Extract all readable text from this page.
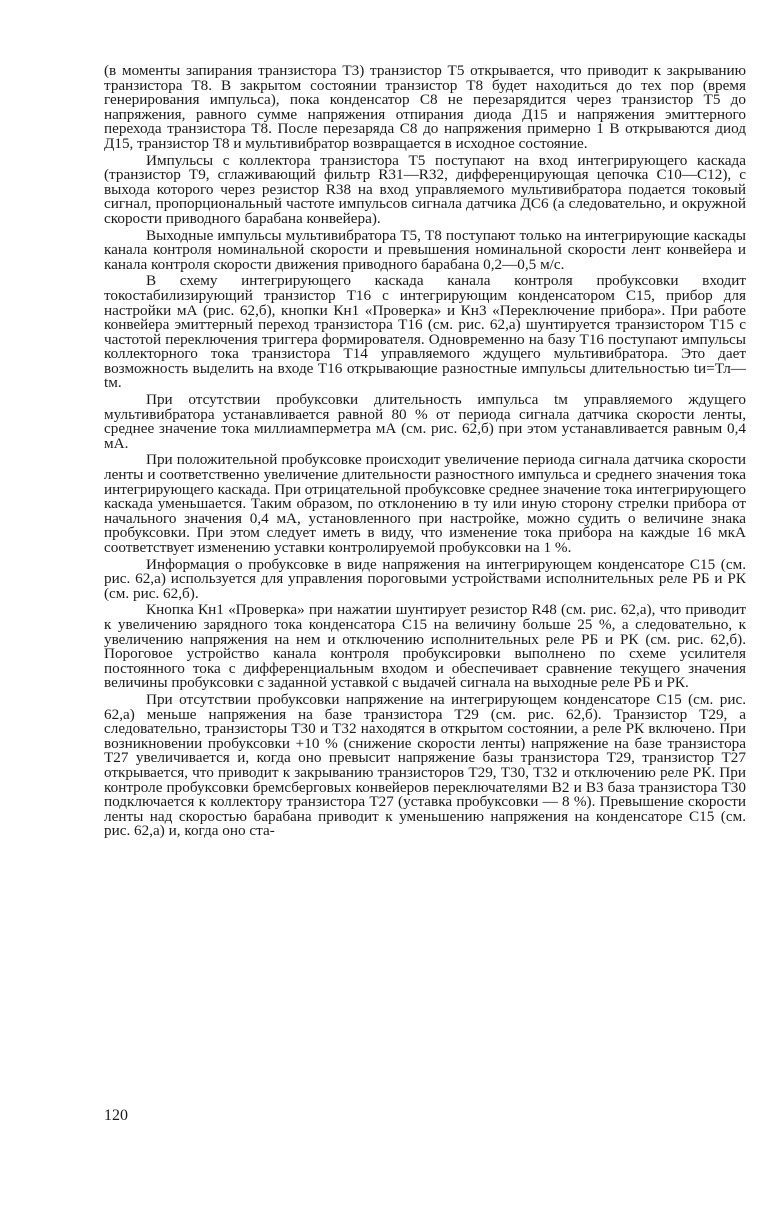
(в моменты запирания транзистора Т3) транзистор Т5 открывается, что приводит к закрыванию транзистора Т8. В закрытом состоянии транзистор Т8 будет находиться до тех пор (время генерирования импульса), пока конденсатор С8 не перезарядится через транзистор Т5 до напряжения, равного сумме напряжения отпирания диода Д15 и напряжения эмиттерного перехода транзистора Т8. После перезаряда С8 до напряжения примерно 1 В открываются диод Д15, транзистор Т8 и мультивибратор возвращается в исходное состояние.

Импульсы с коллектора транзистора Т5 поступают на вход интегрирующего каскада (транзистор Т9, сглаживающий фильтр R31—R32, дифференцирующая цепочка С10—С12), с выхода которого через резистор R38 на вход управляемого мультивибратора подается токовый сигнал, пропорциональный частоте импульсов сигнала датчика ДС6 (а следовательно, и окружной скорости приводного барабана конвейера).

Выходные импульсы мультивибратора Т5, Т8 поступают только на интегрирующие каскады канала контроля номинальной скорости и превышения номинальной скорости лент конвейера и канала контроля скорости движения приводного барабана 0,2—0,5 м/с.

В схему интегрирующего каскада канала контроля пробуксовки входит токостабилизирующий транзистор Т16 с интегрирующим конденсатором С15, прибор для настройки мА (рис. 62,б), кнопки Кн1 «Проверка» и Кн3 «Переключение прибора». При работе конвейера эмиттерный переход транзистора Т16 (см. рис. 62,а) шунтируется транзистором Т15 с частотой переключения триггера формирователя. Одновременно на базу Т16 поступают импульсы коллекторного тока транзистора Т14 управляемого ждущего мультивибратора. Это дает возможность выделить на входе Т16 открывающие разностные импульсы длительностью tи=Тл—tм.

При отсутствии пробуксовки длительность импульса tм управляемого ждущего мультивибратора устанавливается равной 80 % от периода сигнала датчика скорости ленты, среднее значение тока миллиамперметра мА (см. рис. 62,б) при этом устанавливается равным 0,4 мА.

При положительной пробуксовке происходит увеличение периода сигнала датчика скорости ленты и соответственно увеличение длительности разностного импульса и среднего значения тока интегрирующего каскада. При отрицательной пробуксовке среднее значение тока интегрирующего каскада уменьшается. Таким образом, по отклонению в ту или иную сторону стрелки прибора от начального значения 0,4 мА, установленного при настройке, можно судить о величине знака пробуксовки. При этом следует иметь в виду, что изменение тока прибора на каждые 16 мкА соответствует изменению уставки контролируемой пробуксовки на 1 %.

Информация о пробуксовке в виде напряжения на интегрирующем конденсаторе С15 (см. рис. 62,а) используется для управления пороговыми устройствами исполнительных реле РБ и РК (см. рис. 62,б).

Кнопка Кн1 «Проверка» при нажатии шунтирует резистор R48 (см. рис. 62,а), что приводит к увеличению зарядного тока конденсатора С15 на величину больше 25 %, а следовательно, к увеличению напряжения на нем и отключению исполнительных реле РБ и РК (см. рис. 62,б). Пороговое устройство канала контроля пробуксировки выполнено по схеме усилителя постоянного тока с дифференциальным входом и обеспечивает сравнение текущего значения величины пробуксовки с заданной уставкой с выдачей сигнала на выходные реле РБ и РК.

При отсутствии пробуксовки напряжение на интегрирующем конденсаторе С15 (см. рис. 62,а) меньше напряжения на базе транзистора Т29 (см. рис. 62,б). Транзистор Т29, а следовательно, транзисторы Т30 и Т32 находятся в открытом состоянии, а реле РК включено. При возникновении пробуксовки +10 % (снижение скорости ленты) напряжение на базе транзистора Т27 увеличивается и, когда оно превысит напряжение базы транзистора Т29, транзистор Т27 открывается, что приводит к закрыванию транзисторов Т29, Т30, Т32 и отключению реле РК. При контроле пробуксовки бремсберговых конвейеров переключателями В2 и В3 база транзистора Т30 подключается к коллектору транзистора Т27 (уставка пробуксовки — 8 %). Превышение скорости ленты над скоростью барабана приводит к уменьшению напряжения на конденсаторе С15 (см. рис. 62,а) и, когда оно ста-

120
